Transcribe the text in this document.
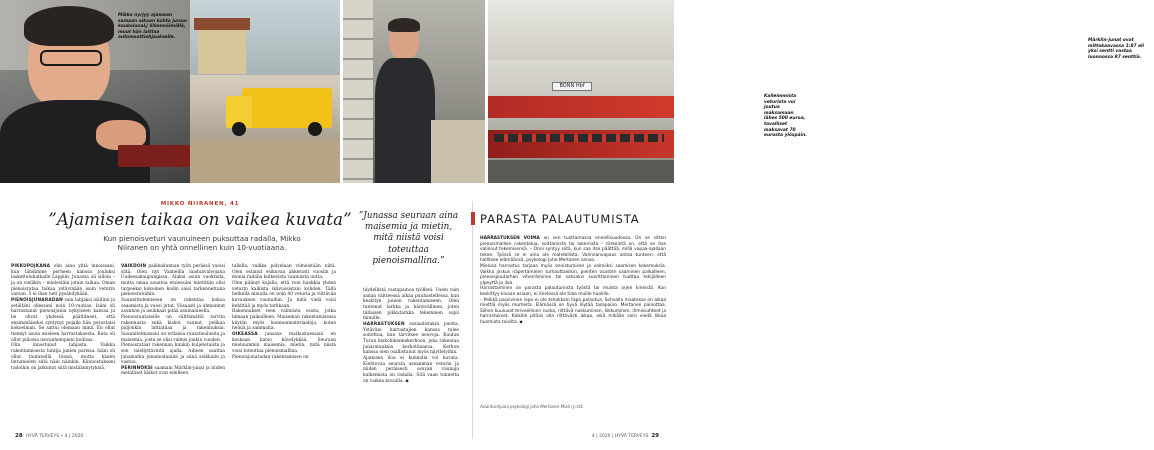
Mikko nyrjyy ajamaan samaan aikaan kahta junaa: kaukoiunaLj liikennöimällä, muut hän laittaa automaattiohjaukselle.
Kalleimmista veturista voi joutua maksamaan lähes 500 euroa, tavalliset maksavat 70 eurosta ylöspäin.
BONN Hbf
Märklin-junat ovat mittakaavassa 1:87 eli yksi sentti vastaa luonnossa 87 senttiä.
MIKKO NIIRANEN, 41
”Ajamisen taikaa on vaikea kuvata”
Kun pienoisveturi vaunuineen puksuttaa radalla, Mikko Niiranen on yhtä onnellinen kuin 10-vuotiaana.

PIKKUPOJKANA olin aina yhtä innoissani, kun lähdimme perheen kanssa jouluksi lasketteluhatkalle Lappiin. Junassa oli silloin – ja on vieläkin – mielestäni jotain taikaa. Oman pienoisrataa taikaa ystävinään isoin veturin varsan. 5 ei ihan heti pysähdykään.

PIENOISJUNARADAN sain lahjaksi isältäni ja setältäni ollessani noin 10-vuotias. Isäni oli harrastanut pienoisjunia nykyiseen kanssa ja he olivat yhdessä päättäneet, että ensimmäiseksi syntynyt pojalle hän perustaisi kokoelman. Se sattui olemaan minä. En ollut tiennyt isoon mieleen harrastuksesta. Rata oli ollut piilossa isovanhempieni kodissa.

Olin innostunut lahjasta. Vaikka rakentamisesta tuntija junien parissa. Isäni oli ollut rautateillä töissä, mutta hänen lintumielen siitä näin näinkin. Kiinnostukseni radoihin on jatkunut siitä mistäännytyksiä.

VAIKDOIN paikkakunnan työn perässä vuoisi siitä. Olen nyt Vaimeilla laadunvalvojana Uudessakaupungissa. Aluksi asuin vuokralla, mutta omaa asuntoa etsiessäni mietittiin olisi tarpeeksi kokoinen kodin saisi tarkennettuna pienoisratoihin.

Suunnittelemiseen on rakentaa kokoa osaamista ja vuosi jutut. Viisaasti ja uhmannut asunnon ja asukkaat pitää asuinalueella.

Pienoisrautateille on välttämättä tarvita rakennusta sekä kiskot vaunut, pelikaa paljonkin lattiatilaa ja rakennuksia. Suunnitelmissani on erilaisia rautatiealueita ja maisemia, josta se olisi valmis jonkin vuoden.

Pienoisrataat rakennan kunkin kuljetetuista ja sen miellyttävintä ajalla. Aiheen saattaa junamatka junamoduuliin ja siinä seikkailu ja vastuu.

PERINNÖKSI saamani Märklin-junat ja niiden metalliset kiskot ovat edelleen

tallella, vaikka palvelaan viimeistään niitä. Olen ostanut esikuvaa ahkerasti vuosiin ja monia radalla kulkevista vaunuista uutta.

Olen pitänyt kujalla, että voin hankkia yhden veturin kaikista ikävuosistani kohden. Tällä hetkellä minulla on noin 40 veturia ja riittävän kuvauksen vaunuihin. Ja niitä vielä voisi kehittää ja myös tarkkaan.

Rakennukset teen valmiista osista, jotka liimaan paikoilleen. Maiseman rakentamisessa käytän myös luonnonmateriaaleja, kuten heiniä ja sammalta.

OIKEASSA junassa matkustaessani en koskaan katso kävelykkää. Seuraan mieluummin maisemia, mietin, mitä niistä voisi toteuttaa pienoismallina.

Pienoisjunaradan rakentamisen on

”Junassa seuraan aina maisemia ja mietin, mitä niistä voisi toteuttaa pienoismallina.”

täydellistä vastapainoa työlleni. Usein vain sanan vältteessä aikaa puuhastellessa, kun keskityn junien rakentamiseen. Olen tuntenut tarkka ja kärsivällinen, joten tällaisen pikkutarkka tekeminen sopii minulle.

HARRASTUKSEN sosiaalistakin puolta. Ystäväni harrastajien kanssa tulee soitettua, kun tarvitsee neuvoja. Kuulun Turun kiskoliikennekerhoon, joka rakentaa junaratauksia kerhotilaansa. Kerhon kanssa olen osallistunut myös näyttelyihin.

Ajamisen iloa ei kunnolla voi kuvata. Kiehtovaa seurata useamman veturin ja niiden peräisesti osuvan vaunuja kulkemista on radalla. Sitä vaan tunnetta on vaikea kuvailla. ◆

PARASTA PALAUTUMISTA

HARRASTUKSEN VOIMA on sen tuottamassa onnellisuudessa. On se sitten pienoismallien rakentelua, soittamista tai lukemista – tärkeintä on, että on itse valinnut tekemisensä. – Onni syntyy siitä, kun saa itse päättää, millä vapaa-ajallaan tekee. Työssä se ei aina ole mahdollista. Valinnanvapaus antaa tunteen, että hallitsee elämäänsä, psykologi Juho Mertanen sanoo.

Mielusa harrastus tarjoaa myös onnistumisen ja valmiiksi saamisen kokemuksia. Vaikka joskus näpertäminen turhauttaisikin, pienten osasten saaminen paikalleen, pienoispuutarhan viherräminen tai saksaksi suorittaminen tuottaa tekijälleen ylpeyttä ja iloa.

Harrastaminen on parasta palautumista työstä tai muista arjen kiireistä. Kun keskittyy kivaan asiaan, ei mielessä ole tilaa muille huolille.

– Pelkkä passivinen lepo ei ole tehokkain tapa palautua. Sohvalla maatessa on aikaa miettiä myös murheita. Elämässä on hyvä löytää tasapaino. Mertanen painottaa. Siihen kuuluvat terveellinen ruoka, riittävä nukkuminen, liikkuminen, ihmissuhteet ja harrastukset. Kaikille pitäisi olla riittävästi aikaa, eikä mikään saisi viedä liikaa huomiota toisilta. ◆

Asiantuntijana psykologi Juho Mertanen Mieli ry:stä.
28 HYVÄ TERVEYS • 4 | 2020	4 | 2020 | HYVÄ TERVEYS 29
